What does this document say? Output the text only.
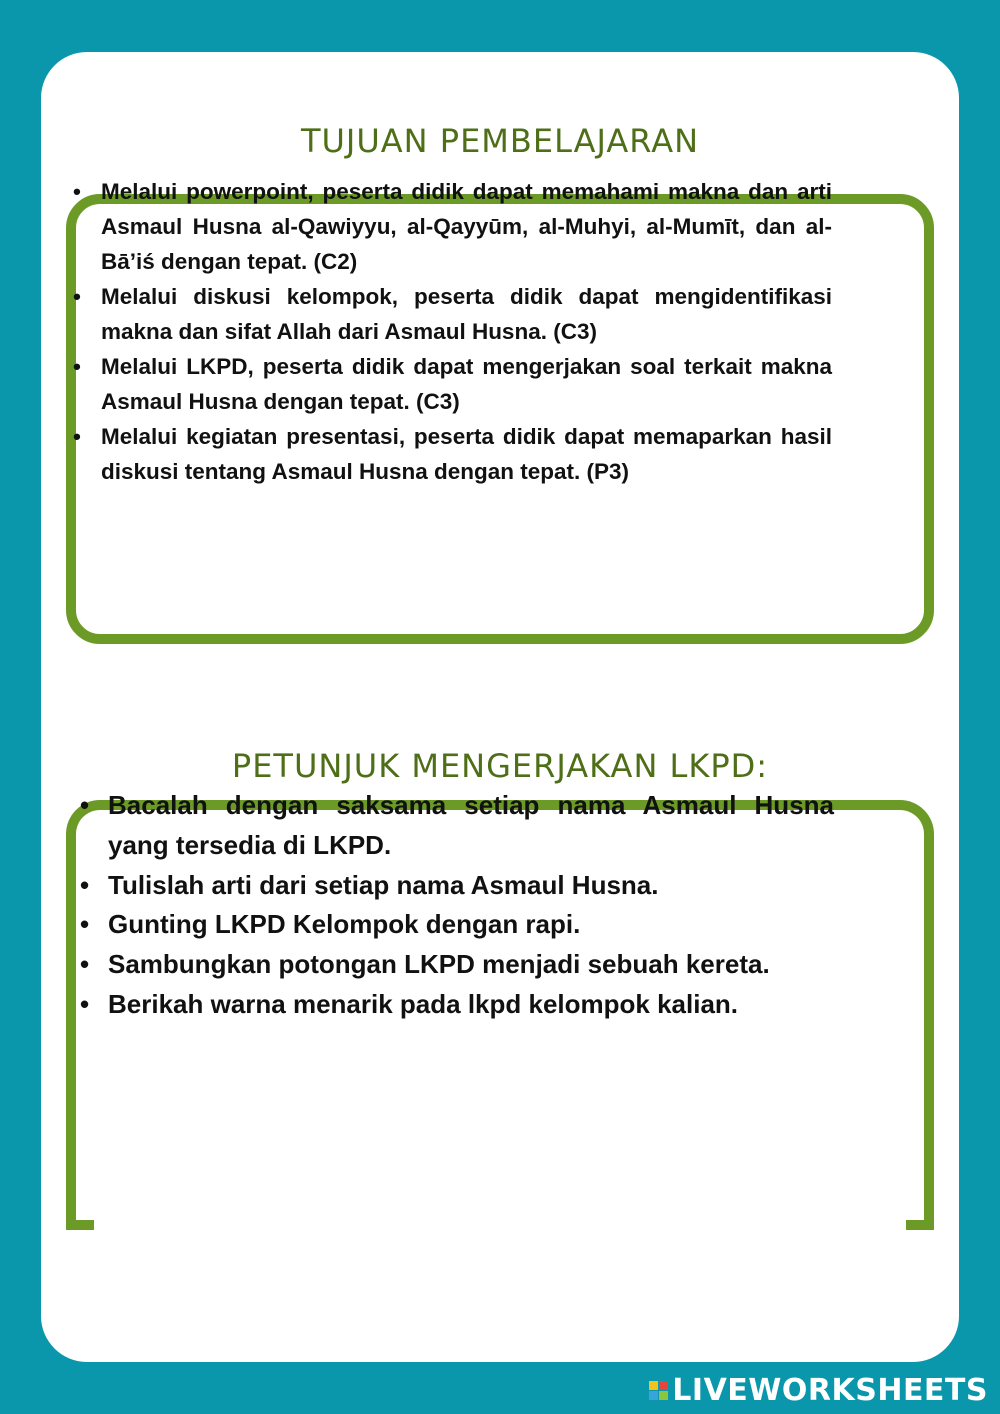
TUJUAN PEMBELAJARAN
PETUNJUK MENGERJAKAN LKPD:
• Melalui powerpoint, peserta didik dapat memahami makna dan arti Asmaul Husna al-Qawiyyu, al-Qayyūm, al-Muhyi, al-Mumīt, dan al-Bā’iś dengan tepat. (C2)
• Melalui diskusi kelompok, peserta didik dapat mengidentifikasi makna dan sifat Allah dari Asmaul Husna. (C3)
• Melalui LKPD, peserta didik dapat mengerjakan soal terkait makna Asmaul Husna dengan tepat. (C3)
• Melalui kegiatan presentasi, peserta didik dapat memaparkan hasil diskusi tentang Asmaul Husna dengan tepat. (P3)
• Bacalah dengan saksama setiap nama Asmaul Husna yang tersedia di LKPD.
• Tulislah arti dari setiap nama Asmaul Husna.
• Gunting LKPD Kelompok dengan rapi.
• Sambungkan potongan LKPD menjadi sebuah kereta.
• Berikah warna menarik pada lkpd kelompok kalian.
LIVEWORKSHEETS
